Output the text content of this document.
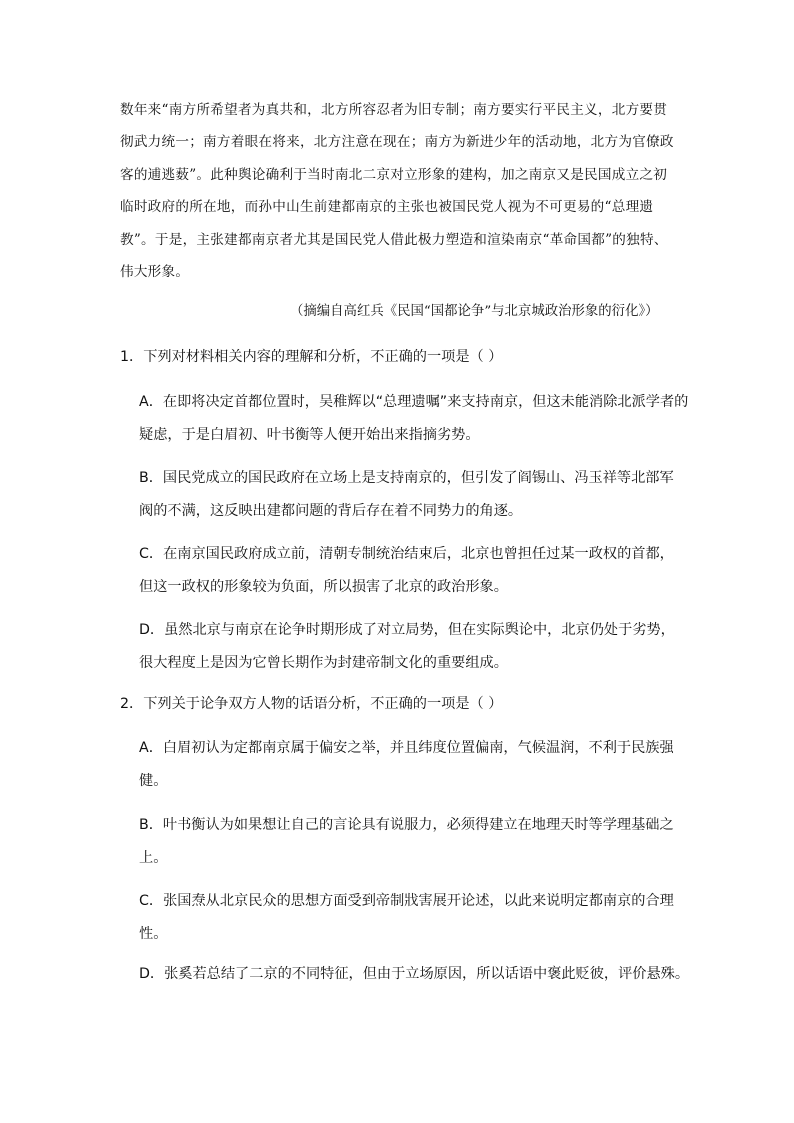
数年来“南方所希望者为真共和，北方所容忍者为旧专制；南方要实行平民主义，北方要贯
彻武力统一；南方着眼在将来，北方注意在现在；南方为新进少年的活动地，北方为官僚政
客的逋逃薮”。此种舆论确利于当时南北二京对立形象的建构，加之南京又是民国成立之初
临时政府的所在地，而孙中山生前建都南京的主张也被国民党人视为不可更易的“总理遗
教”。于是，主张建都南京者尤其是国民党人借此极力塑造和渲染南京“革命国都”的独特、
伟大形象。

（摘编自高红兵《民国“国都论争”与北京城政治形象的衍化》）

1．下列对材料相关内容的理解和分析，不正确的一项是（ ）

A．在即将决定首都位置时，吴稚辉以“总理遗嘱”来支持南京，但这未能消除北派学者的
疑虑，于是白眉初、叶书衡等人便开始出来指摘劣势。

B．国民党成立的国民政府在立场上是支持南京的，但引发了阎锡山、冯玉祥等北部军
阀的不满，这反映出建都问题的背后存在着不同势力的角逐。

C．在南京国民政府成立前，清朝专制统治结束后，北京也曾担任过某一政权的首都，
但这一政权的形象较为负面，所以损害了北京的政治形象。

D．虽然北京与南京在论争时期形成了对立局势，但在实际舆论中，北京仍处于劣势，
很大程度上是因为它曾长期作为封建帝制文化的重要组成。

2．下列关于论争双方人物的话语分析，不正确的一项是（ ）

A．白眉初认为定都南京属于偏安之举，并且纬度位置偏南，气候温润，不利于民族强
健。

B．叶书衡认为如果想让自己的言论具有说服力，必须得建立在地理天时等学理基础之
上。

C．张国焘从北京民众的思想方面受到帝制戕害展开论述，以此来说明定都南京的合理
性。

D．张奚若总结了二京的不同特征，但由于立场原因，所以话语中褒此贬彼，评价悬殊。
